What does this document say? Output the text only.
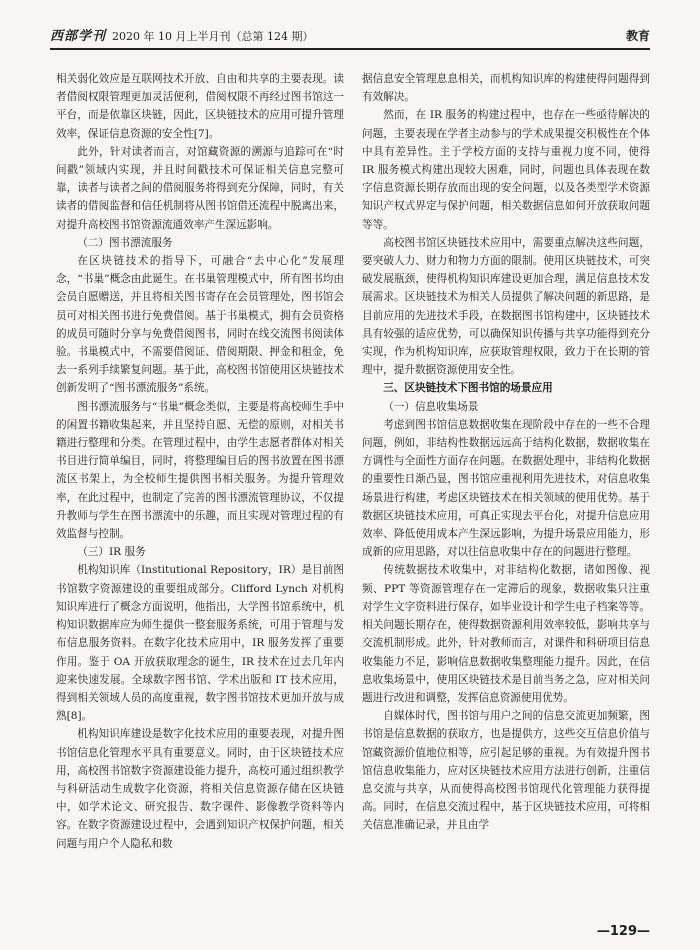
西部学刊 2020 年 10 月上半月刊（总第 124 期）	教育

相关弱化效应是互联网技术开放、自由和共享的主要表现。读者借阅权限管理更加灵活便利，借阅权限不再经过图书馆这一平台，而是依靠区块链，因此，区块链技术的应用可提升管理效率，保证信息资源的安全性[7]。

此外，针对读者而言，对馆藏资源的溯源与追踪可在“时间戳”领域内实现，并且时间戳技术可保证相关信息完整可靠，读者与读者之间的借阅服务将得到充分保障，同时，有关读者的借阅监督和信任机制将从图书馆借还流程中脱离出来，对提升高校图书馆资源流通效率产生深远影响。

（二）图书漂流服务

在区块链技术的指导下，可融合“去中心化”发展理念，“书巢”概念由此诞生。在书巢管理模式中，所有图书均由会员自愿赠送，并且将相关图书寄存在会员管理处，图书馆会员可对相关图书进行免费借阅。基于书巢模式，拥有会员资格的成员可随时分享与免费借阅图书，同时在线交流图书阅读体验。书巢模式中，不需要借阅证、借阅期限、押金和租金，免去一系列手续繁复问题。基于此，高校图书馆使用区块链技术创新发明了“图书漂流服务”系统。

图书漂流服务与“书巢”概念类似，主要是将高校师生手中的闲置书籍收集起来，并且坚持自愿、无偿的原则，对相关书籍进行整理和分类。在管理过程中，由学生志愿者群体对相关书目进行简单编目，同时，将整理编目后的图书放置在图书漂流区书架上，为全校师生提供图书相关服务。为提升管理效率，在此过程中，也制定了完善的图书漂流管理协议，不仅提升教师与学生在图书漂流中的乐趣，而且实现对管理过程的有效监督与控制。

（三）IR 服务

机构知识库（Institutional Repository，IR）是目前图书馆数字资源建设的重要组成部分。Clifford Lynch 对机构知识库进行了概念方面说明，他指出，大学图书馆系统中，机构知识数据库应为师生提供一整套服务系统，可用于管理与发布信息服务资料。在数字化技术应用中，IR 服务发挥了重要作用。鉴于 OA 开放获取理念的诞生，IR 技术在过去几年内迎来快速发展。全球数字图书馆、学术出版和 IT 技术应用，得到相关领域人员的高度重视，数字图书馆技术更加开放与成熟[8]。

机构知识库建设是数字化技术应用的重要表现，对提升图书馆信息化管理水平具有重要意义。同时，由于区块链技术应用，高校图书馆数字资源建设能力提升，高校可通过组织教学与科研活动生成数字化资源，将相关信息资源存储在区块链中，如学术论文、研究报告、数字课件、影像教学资料等内容。在数字资源建设过程中，会遇到知识产权保护问题，相关问题与用户个人隐私和数

据信息安全管理息息相关，而机构知识库的构建使得问题得到有效解决。

然而，在 IR 服务的构建过程中，也存在一些亟待解决的问题，主要表现在学者主动参与的学术成果提交积极性在个体中具有差异性。主于学校方面的支持与重视力度不同，使得 IR 服务模式构建出现较大困难，同时，问题也具体表现在数字信息资源长期存放而出现的安全问题，以及各类型学术资源知识产权式界定与保护问题，相关数据信息如何开放获取问题等等。

高校图书馆区块链技术应用中，需要重点解决这些问题，要突破人力、财力和物力方面的限制。使用区块链技术，可突破发展瓶颈，使得机构知识库建设更加合理，满足信息技术发展需求。区块链技术为相关人员提供了解决问题的新思路，是目前应用的先进技术手段，在数据图书馆构建中，区块链技术具有较强的适应优势，可以确保知识传播与共享功能得到充分实现，作为机构知识库，应获取管理权限，致力于在长期的管理中，提升数据资源使用安全性。

三、区块链技术下图书馆的场景应用
（一）信息收集场景

考虑到图书馆信息数据收集在现阶段中存在的一些不合理问题，例如，非结构性数据远远高于结构化数据，数据收集在方调性与全面性方面存在问题。在数据处理中，非结构化数据的重要性日渐凸显，图书馆应重视利用先进技术，对信息收集场景进行构建，考虑区块链技术在相关领域的使用优势。基于数据区块链技术应用，可真正实现去平台化，对提升信息应用效率、降低使用成本产生深远影响，为提升场景应用能力，形成新的应用思路，对以往信息收集中存在的问题进行整理。

传统数据技术收集中，对非结构化数据，诸如图像、视频、PPT 等资源管理存在一定滞后的现象，数据收集只注重对学生文字资料进行保存，如毕业设计和学生电子档案等等。相关问题长期存在，使得数据资源利用效率较低，影响共享与交流机制形成。此外，针对教师而言，对课件和科研项目信息收集能力不足，影响信息数据收集整理能力提升。因此，在信息收集场景中，使用区块链技术是目前当务之急，应对相关问题进行改进和调整，发挥信息资源使用优势。

自媒体时代，图书馆与用户之间的信息交流更加频繁，图书馆是信息数据的获取方，也是提供方，这些交互信息价值与馆藏资源价值地位相等，应引起足够的重视。为有效提升图书馆信息收集能力，应对区块链技术应用方法进行创新，注重信息交流与共享，从而使得高校图书馆现代化管理能力获得提高。同时，在信息交流过程中，基于区块链技术应用，可将相关信息准确记录，并且由学

—129—
